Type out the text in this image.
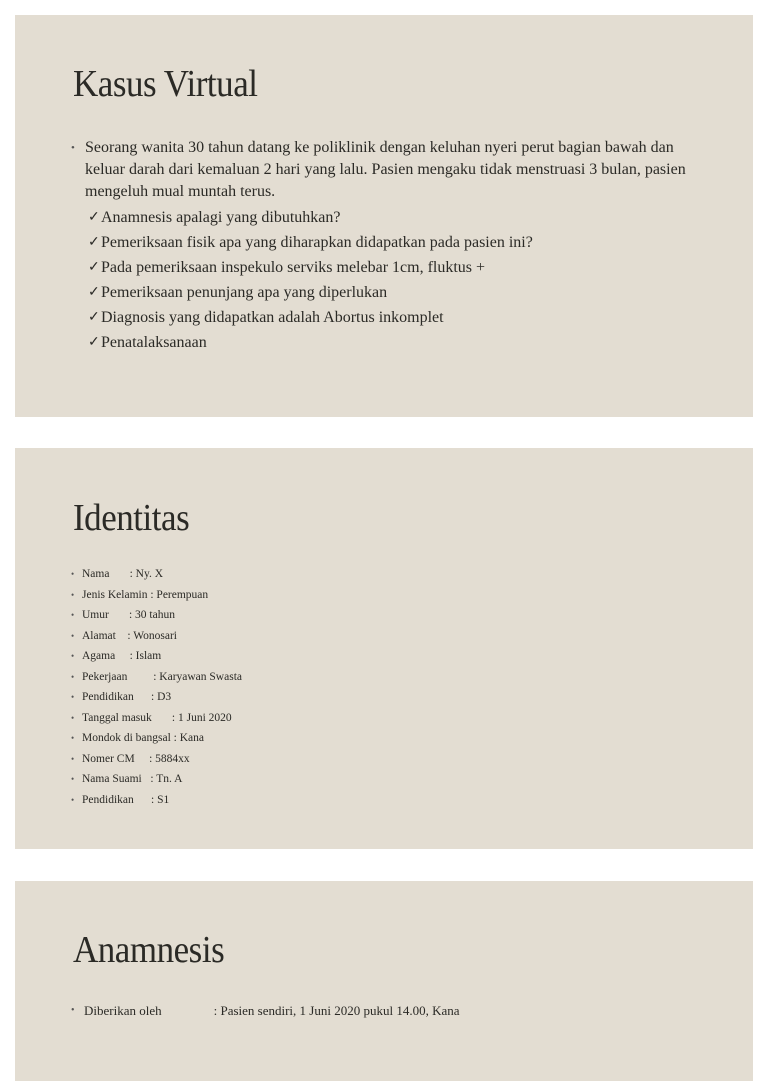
Kasus Virtual
• Seorang wanita 30 tahun datang ke poliklinik dengan keluhan nyeri perut bagian bawah dan keluar darah dari kemaluan 2 hari yang lalu. Pasien mengaku tidak menstruasi 3 bulan, pasien mengeluh mual muntah terus.
✓ Anamnesis apalagi yang dibutuhkan?
✓ Pemeriksaan fisik apa yang diharapkan didapatkan pada pasien ini?
✓ Pada pemeriksaan inspekulo serviks melebar 1cm, fluktus +
✓ Pemeriksaan penunjang apa yang diperlukan
✓ Diagnosis yang didapatkan adalah Abortus inkomplet
✓ Penatalaksanaan
Identitas
• Nama       : Ny. X
• Jenis Kelamin : Perempuan
• Umur       : 30 tahun
• Alamat    : Wonosari
• Agama     : Islam
• Pekerjaan         : Karyawan Swasta
• Pendidikan      : D3
• Tanggal masuk       : 1 Juni 2020
• Mondok di bangsal : Kana
• Nomer CM     : 5884xx
• Nama Suami   : Tn. A
• Pendidikan      : S1
Anamnesis
• Diberikan oleh                : Pasien sendiri, 1 Juni 2020 pukul 14.00, Kana
